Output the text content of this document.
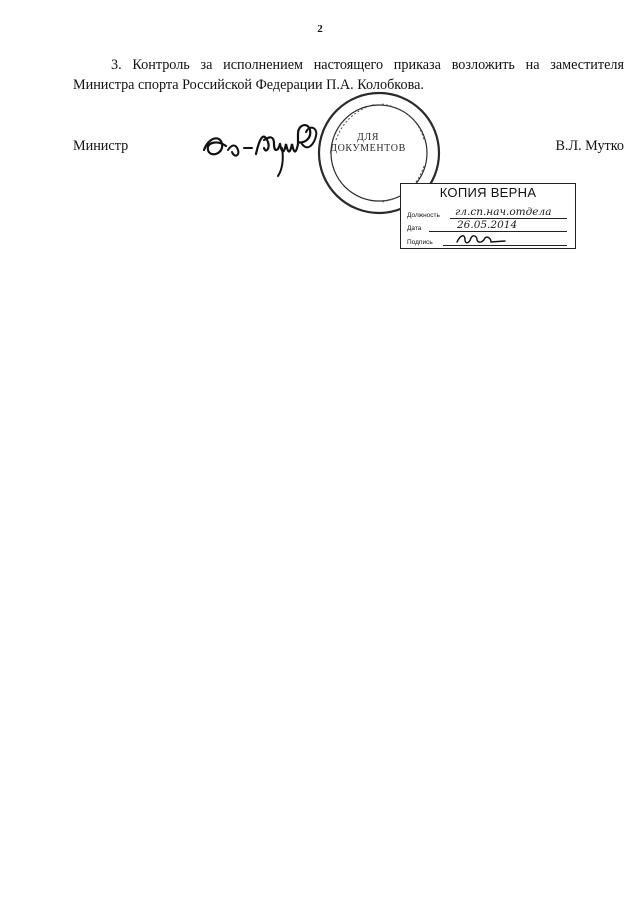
2

3. Контроль за исполнением настоящего приказа возложить на заместителя Министра спорта Российской Федерации П.А. Колобкова.

Министр	В.Л. Мутко
ДЛЯ
ДОКУМЕНТОВ
КОПИЯ ВЕРНА
Должность гл.сп.нач.отдела
Дата	26.05.2014
Подпись
